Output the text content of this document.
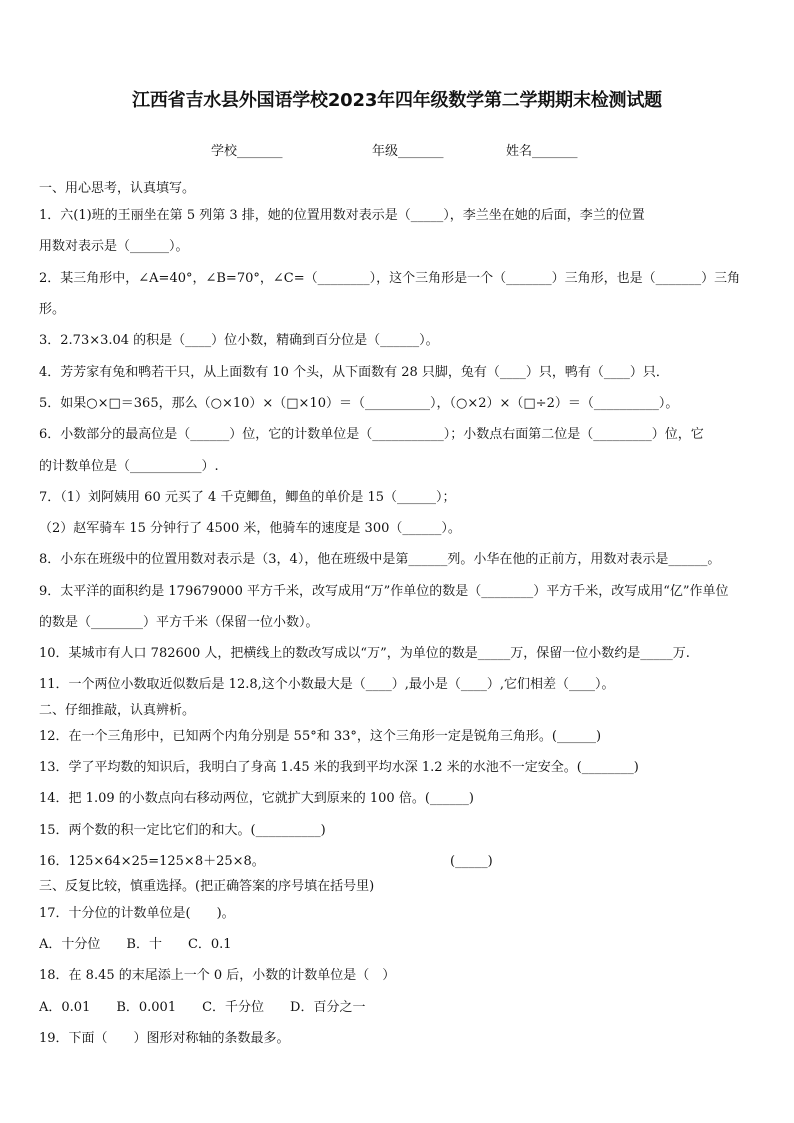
江西省吉水县外国语学校2023年四年级数学第二学期期末检测试题
学校_______	年级_______	姓名_______
一、用心思考，认真填写。
1．六(1)班的王丽坐在第 5 列第 3 排，她的位置用数对表示是（_____），李兰坐在她的后面，李兰的位置
用数对表示是（______）。
2．某三角形中，∠A=40°，∠B=70°，∠C=（________），这个三角形是一个（_______）三角形，也是（_______）三角
形。
3．2.73×3.04 的积是（____）位小数，精确到百分位是（______）。
4．芳芳家有兔和鸭若干只，从上面数有 10 个头，从下面数有 28 只脚，兔有（____）只，鸭有（____）只．
5．如果○×□＝365，那么（○×10）×（□×10）＝（__________），（○×2）×（□÷2）＝（__________）。
6．小数部分的最高位是（______）位，它的计数单位是（___________）；小数点右面第二位是（_________）位，它
的计数单位是（___________）.
7．（1）刘阿姨用 60 元买了 4 千克鲫鱼，鲫鱼的单价是 15（______）；
（2）赵军骑车 15 分钟行了 4500 米，他骑车的速度是 300（______）。
8．小东在班级中的位置用数对表示是（3，4），他在班级中是第______列。小华在他的正前方，用数对表示是______。
9．太平洋的面积约是 179679000 平方千米，改写成用“万”作单位的数是（________）平方千米，改写成用“亿”作单位
的数是（________）平方千米（保留一位小数）。
10．某城市有人口 782600 人，把横线上的数改写成以“万”，为单位的数是_____万，保留一位小数约是_____万.
11．一个两位小数取近似数后是 12.8,这个小数最大是（____）,最小是（____）,它们相差（____）。
二、仔细推敲，认真辨析。
12．在一个三角形中，已知两个内角分别是 55°和 33°，这个三角形一定是锐角三角形。(______)
13．学了平均数的知识后，我明白了身高 1.45 米的我到平均水深 1.2 米的水池不一定安全。(________)
14．把 1.09 的小数点向右移动两位，它就扩大到原来的 100 倍。(______)
15．两个数的积一定比它们的和大。(__________)
16．125×64×25=125×8＋25×8。	(_____)
三、反复比较，慎重选择。(把正确答案的序号填在括号里)
17．十分位的计数单位是(　　)。
A．十分位　　B．十　　C．0.1
18．在 8.45 的末尾添上一个 0 后，小数的计数单位是（　）
A．0.01　　B．0.001　　C．千分位　　D．百分之一
19．下面（　　）图形对称轴的条数最多。
